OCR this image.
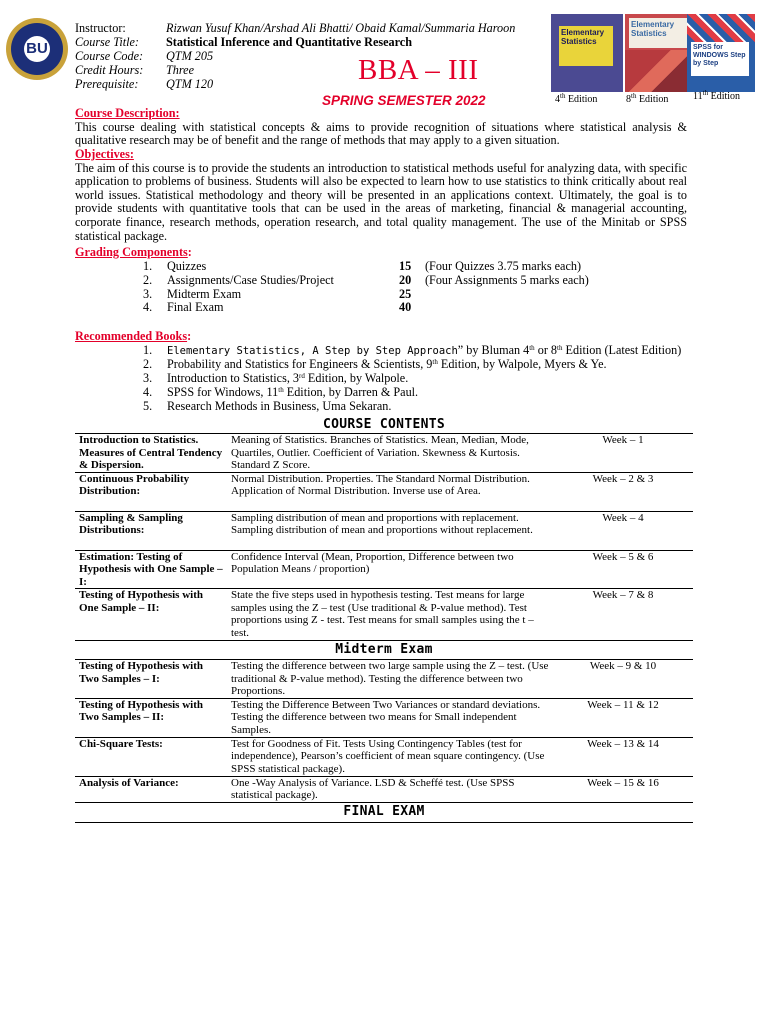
BU
Instructor:	Rizwan Yusuf Khan/Arshad Ali Bhatti/ Obaid Kamal/Summaria Haroon
Course Title: Statistical Inference and Quantitative Research
Course Code: QTM 205
Credit Hours: Three
Prerequisite: QTM 120	BBA – III
SPRING SEMESTER 2022
Elementary Statistics
Elementary Statistics
SPSS for WINDOWS Step by Step
4th Edition	8th Edition 11th Edition
Course Description:
This course dealing with statistical concepts & aims to provide recognition of situations where statistical analysis & qualitative research may be of benefit and the range of methods that may apply to a given situation.
Objectives:
The aim of this course is to provide the students an introduction to statistical methods useful for analyzing data, with specific application to problems of business. Students will also be expected to learn how to use statistics to think critically about real world issues. Statistical methodology and theory will be presented in an applications context. Ultimately, the goal is to provide students with quantitative tools that can be used in the areas of marketing, financial & managerial accounting, corporate finance, research methods, operation research, and total quality management. The use of the Minitab or SPSS statistical package.
Grading Components:
1. Quizzes	15 (Four Quizzes 3.75 marks each)
2. Assignments/Case Studies/Project	20 (Four Assignments 5 marks each)
3. Midterm Exam	25
4. Final Exam	40
Recommended Books:
1. Elementary Statistics, A Step by Step Approach” by Bluman 4th or 8th Edition (Latest Edition)
2. Probability and Statistics for Engineers & Scientists, 9th Edition, by Walpole, Myers & Ye.
3. Introduction to Statistics, 3rd Edition, by Walpole.
4. SPSS for Windows, 11th Edition, by Darren & Paul.
5. Research Methods in Business, Uma Sekaran.
COURSE CONTENTS
Introduction to Statistics. Measures of Central Tendency & Dispersion.	Meaning of Statistics. Branches of Statistics. Mean, Median, Mode, Quartiles, Outlier. Coefficient of Variation. Skewness & Kurtosis. Standard Z Score.	Week – 1
Continuous Probability Distribution:	Normal Distribution. Properties. The Standard Normal Distribution. Application of Normal Distribution. Inverse use of Area.	Week – 2 & 3
Sampling & Sampling Distributions:	Sampling distribution of mean and proportions with replacement. Sampling distribution of mean and proportions without replacement.	Week – 4
Estimation: Testing of Hypothesis with One Sample – I:	Confidence Interval (Mean, Proportion, Difference between two Population Means / proportion)	Week – 5 & 6
Testing of Hypothesis with One Sample – II:	State the five steps used in hypothesis testing. Test means for large samples using the Z – test (Use traditional & P-value method). Test proportions using Z - test. Test means for small samples using the t – test.	Week – 7 & 8
Midterm Exam
Testing of Hypothesis with Two Samples – I:	Testing the difference between two large sample using the Z – test. (Use traditional & P-value method). Testing the difference between two Proportions.	Week – 9 & 10
Testing of Hypothesis with Two Samples – II:	Testing the Difference Between Two Variances or standard deviations. Testing the difference between two means for Small independent Samples.	Week – 11 & 12
Chi-Square Tests:	Test for Goodness of Fit. Tests Using Contingency Tables (test for independence), Pearson’s coefficient of mean square contingency. (Use SPSS statistical package).	Week – 13 & 14
Analysis of Variance:	One -Way Analysis of Variance. LSD & Scheffé test. (Use SPSS statistical package).	Week – 15 & 16
FINAL EXAM
